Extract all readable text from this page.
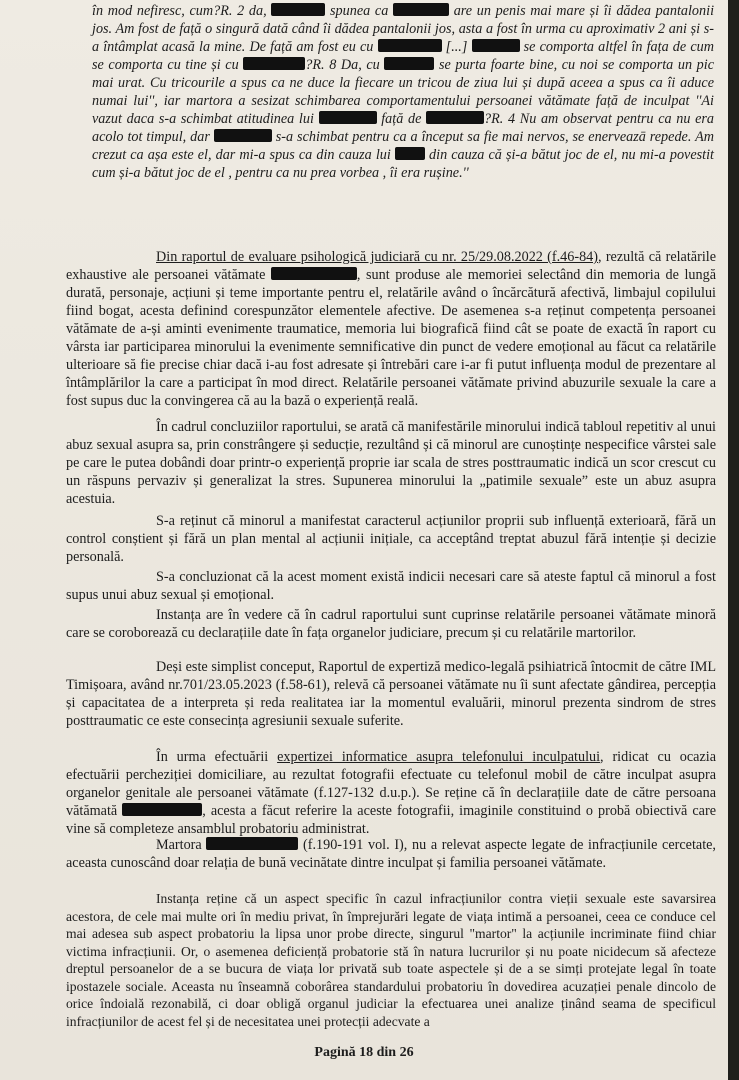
în mod nefiresc, cum?R. 2 da,	spunea ca	are un penis mai mare și îi dădea pantalonii jos. Am fost de față o singură dată când îi dădea pantalonii jos, asta a fost în urma cu aproximativ 2 ani și s-a întâmplat acasă la mine. De față am fost eu cu	[...]	se comporta altfel în fața de cum se comporta cu tine și cu	?R. 8 Da, cu	se purta foarte bine, cu noi se comporta un pic mai urat. Cu tricourile a spus ca ne duce la fiecare un tricou de ziua lui și după aceea a spus ca îi aduce numai lui'', iar martora a sesizat schimbarea comportamentului persoanei vătămate față de inculpat ''Ai vazut daca s-a schimbat atitudinea lui	față de	?R. 4 Nu am observat pentru ca nu era acolo tot timpul, dar	s-a schimbat pentru ca a început sa fie mai nervos, se enerveazā repede. Am crezut ca așa este el, dar mi-a spus ca din cauza lui  din cauza că și-a bătut joc de el, nu mi-a povestit cum și-a bătut joc de el , pentru ca nu prea vorbea , îi era rușine.''

Din raportul de evaluare psihologică judiciară cu nr. 25/29.08.2022 (f.46-84), rezultă că relatările exhaustive ale persoanei vătămate	, sunt produse ale memoriei selectând din memoria de lungă durată, personaje, acțiuni și teme importante pentru el, relatările având o încărcătură afectivă, limbajul copilului fiind bogat, acesta definind corespunzător elementele afective. De asemenea s-a reținut competența persoanei vătămate de a-și aminti evenimente traumatice, memoria lui biografică fiind cât se poate de exactă în raport cu vârsta iar participarea minorului la evenimente semnificative din punct de vedere emoțional au făcut ca relatările ulterioare să fie precise chiar dacă i-au fost adresate și întrebări care i-ar fi putut influența modul de prezentare al întâmplărilor la care a participat în mod direct. Relatările persoanei vătămate privind abuzurile sexuale la care a fost supus duc la convingerea că au la bază o experiență reală.

În cadrul concluziilor raportului, se arată că manifestările minorului indică tabloul repetitiv al unui abuz sexual asupra sa, prin constrângere și seducție, rezultând și că minorul are cunoștințe nespecifice vârstei sale pe care le putea dobândi doar printr-o experiență proprie iar scala de stres posttraumatic indică un scor crescut cu un răspuns pervaziv și generalizat la stres. Supunerea minorului la „patimile sexuale” este un abuz asupra acestuia.

S-a reținut că minorul a manifestat caracterul acțiunilor proprii sub influență exterioară, fără un control conștient și fără un plan mental al acțiunii inițiale, ca acceptând treptat abuzul fără intenție și decizie personală.

S-a concluzionat că la acest moment există indicii necesari care să ateste faptul că minorul a fost supus unui abuz sexual și emoțional.

Instanța are în vedere că în cadrul raportului sunt cuprinse relatările persoanei vătămate minoră care se coroborează cu declarațiile date în fața organelor judiciare, precum și cu relatările martorilor.

Deși este simplist conceput, Raportul de expertiză medico-legală psihiatrică întocmit de către IML Timișoara, având nr.701/23.05.2023 (f.58-61), relevă că persoanei vătămate nu îi sunt afectate gândirea, percepția și capacitatea de a interpreta și reda realitatea iar la momentul evaluării, minorul prezenta sindrom de stres posttraumatic ce este consecința agresiunii sexuale suferite.

În urma efectuării expertizei informatice asupra telefonului inculpatului, ridicat cu ocazia efectuării percheziției domiciliare, au rezultat fotografii efectuate cu telefonul mobil de către inculpat asupra organelor genitale ale persoanei vătămate (f.127-132 d.u.p.). Se reține că în declarațiile date de către persoana vătămată	, acesta a făcut referire la aceste fotografii, imaginile constituind o probă obiectivă care vine să completeze ansamblul probatoriu administrat.

Martora	(f.190-191 vol. I), nu a relevat aspecte legate de infracțiunile cercetate, aceasta cunoscând doar relația de bună vecinătate dintre inculpat și familia persoanei vătămate.

Instanța reține că un aspect specific în cazul infracțiunilor contra vieții sexuale este savarsirea acestora, de cele mai multe ori în mediu privat, în împrejurări legate de viața intimă a persoanei, ceea ce conduce cel mai adesea sub aspect probatoriu la lipsa unor probe directe, singurul "martor" la acțiunile incriminate fiind chiar victima infracțiunii. Or, o asemenea deficiență probatorie stă în natura lucrurilor și nu poate nicidecum să afecteze dreptul persoanelor de a se bucura de viața lor privată sub toate aspectele și de a se simți protejate legal în toate ipostazele sociale. Aceasta nu înseamnă coborârea standardului probatoriu în dovedirea acuzației penale dincolo de orice îndoială rezonabilă, ci doar obligă organul judiciar la efectuarea unei analize ținând seama de specificul infracțiunilor de acest fel și de necesitatea unei protecții adecvate a

Pagină 18 din 26
